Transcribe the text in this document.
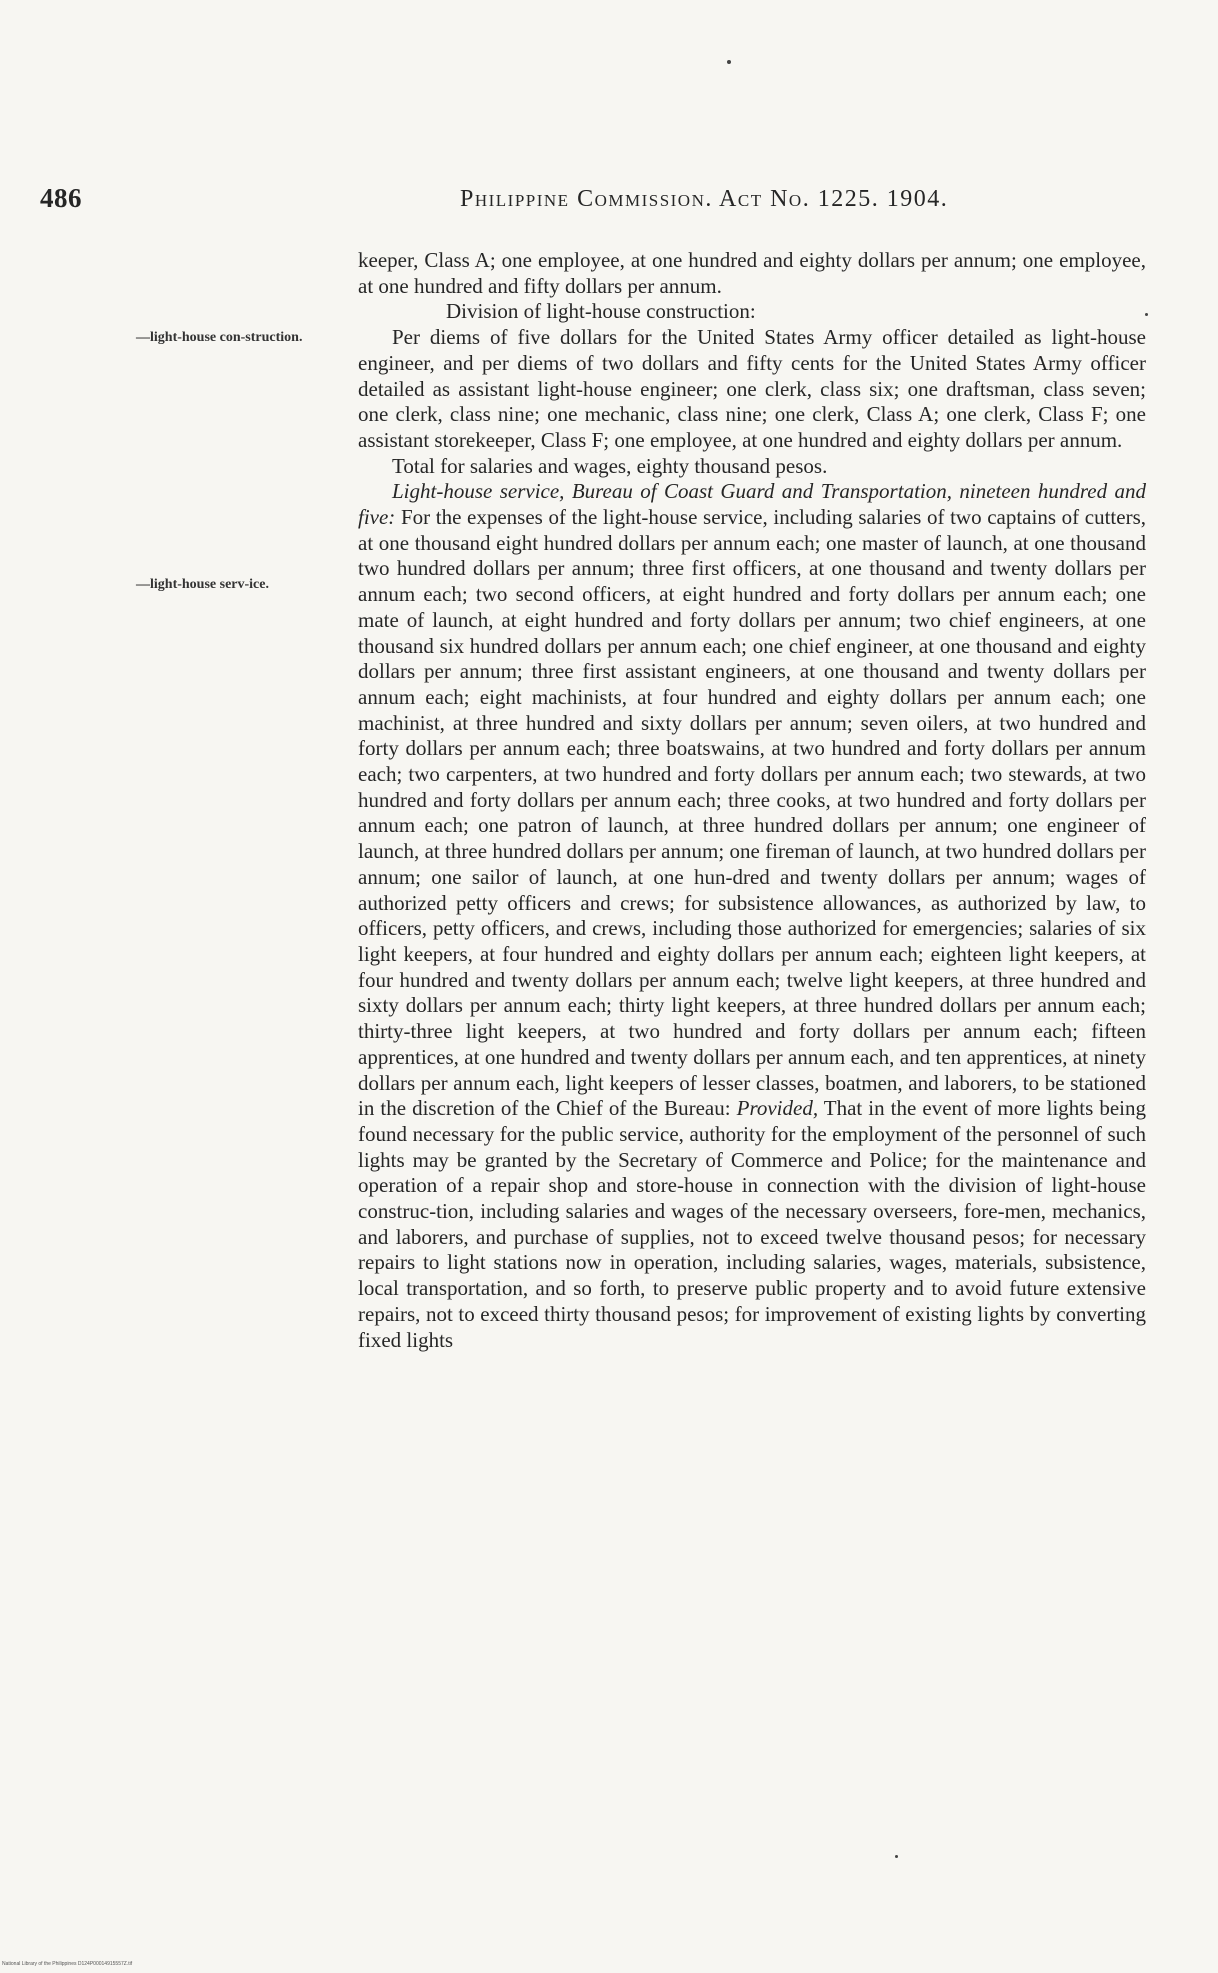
486	Philippine Commission. Act No. 1225. 1904.
—light-house con-struction.
—light-house serv-ice.

keeper, Class A; one employee, at one hundred and eighty dollars per annum; one employee, at one hundred and fifty dollars per annum.

Division of light-house construction:

Per diems of five dollars for the United States Army officer detailed as light-house engineer, and per diems of two dollars and fifty cents for the United States Army officer detailed as assistant light-house engineer; one clerk, class six; one draftsman, class seven; one clerk, class nine; one mechanic, class nine; one clerk, Class A; one clerk, Class F; one assistant storekeeper, Class F; one employee, at one hundred and eighty dollars per annum.

Total for salaries and wages, eighty thousand pesos.

Light-house service, Bureau of Coast Guard and Transportation, nineteen hundred and five: For the expenses of the light-house service, including salaries of two captains of cutters, at one thousand eight hundred dollars per annum each; one master of launch, at one thousand two hundred dollars per annum; three first officers, at one thousand and twenty dollars per annum each; two second officers, at eight hundred and forty dollars per annum each; one mate of launch, at eight hundred and forty dollars per annum; two chief engineers, at one thousand six hundred dollars per annum each; one chief engineer, at one thousand and eighty dollars per annum; three first assistant engineers, at one thousand and twenty dollars per annum each; eight machinists, at four hundred and eighty dollars per annum each; one machinist, at three hundred and sixty dollars per annum; seven oilers, at two hundred and forty dollars per annum each; three boatswains, at two hundred and forty dollars per annum each; two carpenters, at two hundred and forty dollars per annum each; two stewards, at two hundred and forty dollars per annum each; three cooks, at two hundred and forty dollars per annum each; one patron of launch, at three hundred dollars per annum; one engineer of launch, at three hundred dollars per annum; one fireman of launch, at two hundred dollars per annum; one sailor of launch, at one hun-dred and twenty dollars per annum; wages of authorized petty officers and crews; for subsistence allowances, as authorized by law, to officers, petty officers, and crews, including those authorized for emergencies; salaries of six light keepers, at four hundred and eighty dollars per annum each; eighteen light keepers, at four hundred and twenty dollars per annum each; twelve light keepers, at three hundred and sixty dollars per annum each; thirty light keepers, at three hundred dollars per annum each; thirty-three light keepers, at two hundred and forty dollars per annum each; fifteen apprentices, at one hundred and twenty dollars per annum each, and ten apprentices, at ninety dollars per annum each, light keepers of lesser classes, boatmen, and laborers, to be stationed in the discretion of the Chief of the Bureau: Provided, That in the event of more lights being found necessary for the public service, authority for the employment of the personnel of such lights may be granted by the Secretary of Commerce and Police; for the maintenance and operation of a repair shop and store-house in connection with the division of light-house construc-tion, including salaries and wages of the necessary overseers, fore-men, mechanics, and laborers, and purchase of supplies, not to exceed twelve thousand pesos; for necessary repairs to light stations now in operation, including salaries, wages, materials, subsistence, local transportation, and so forth, to preserve public property and to avoid future extensive repairs, not to exceed thirty thousand pesos; for improvement of existing lights by converting fixed lights

National Library of the Philippines D124P00014915557Z.tif
